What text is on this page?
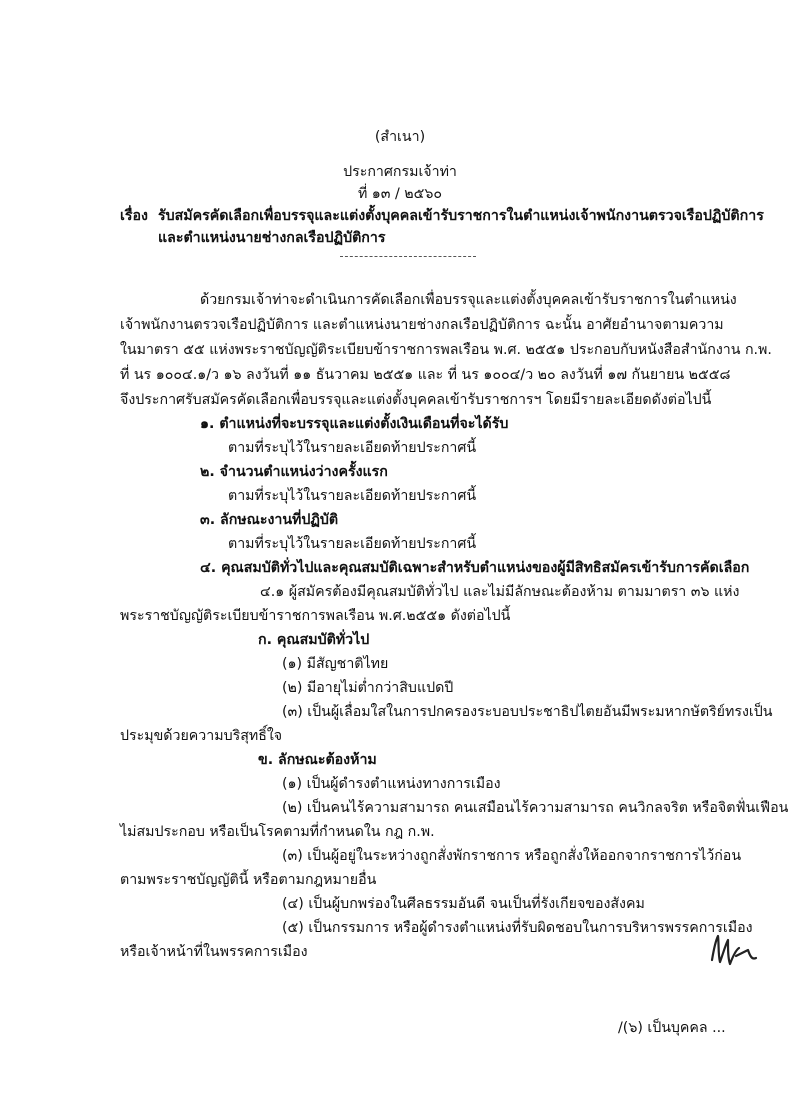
(สำเนา)
ประกาศกรมเจ้าท่า
ที่ ๑๓ / ๒๕๖๐
เรื่อง รับสมัครคัดเลือกเพื่อบรรจุและแต่งตั้งบุคคลเข้ารับราชการในตำแหน่งเจ้าพนักงานตรวจเรือปฏิบัติการ
และตำแหน่งนายช่างกลเรือปฏิบัติการ
ด้วยกรมเจ้าท่าจะดำเนินการคัดเลือกเพื่อบรรจุและแต่งตั้งบุคคลเข้ารับราชการในตำแหน่ง
เจ้าพนักงานตรวจเรือปฏิบัติการ และตำแหน่งนายช่างกลเรือปฏิบัติการ ฉะนั้น อาศัยอำนาจตามความ
ในมาตรา ๕๕ แห่งพระราชบัญญัติระเบียบข้าราชการพลเรือน พ.ศ. ๒๕๕๑ ประกอบกับหนังสือสำนักงาน ก.พ.
ที่ นร ๑๐๐๔.๑/ว ๑๖ ลงวันที่ ๑๑ ธันวาคม ๒๕๕๑ และ ที่ นร ๑๐๐๔/ว ๒๐ ลงวันที่ ๑๗ กันยายน ๒๕๕๘
จึงประกาศรับสมัครคัดเลือกเพื่อบรรจุและแต่งตั้งบุคคลเข้ารับราชการฯ โดยมีรายละเอียดดังต่อไปนี้
๑. ตำแหน่งที่จะบรรจุและแต่งตั้งเงินเดือนที่จะได้รับ
ตามที่ระบุไว้ในรายละเอียดท้ายประกาศนี้
๒. จำนวนตำแหน่งว่างครั้งแรก
ตามที่ระบุไว้ในรายละเอียดท้ายประกาศนี้
๓. ลักษณะงานที่ปฏิบัติ
ตามที่ระบุไว้ในรายละเอียดท้ายประกาศนี้
๔. คุณสมบัติทั่วไปและคุณสมบัติเฉพาะสำหรับตำแหน่งของผู้มีสิทธิสมัครเข้ารับการคัดเลือก
๔.๑ ผู้สมัครต้องมีคุณสมบัติทั่วไป และไม่มีลักษณะต้องห้าม ตามมาตรา ๓๖ แห่ง
พระราชบัญญัติระเบียบข้าราชการพลเรือน พ.ศ.๒๕๕๑ ดังต่อไปนี้
ก. คุณสมบัติทั่วไป
(๑) มีสัญชาติไทย
(๒) มีอายุไม่ต่ำกว่าสิบแปดปี
(๓) เป็นผู้เลื่อมใสในการปกครองระบอบประชาธิปไตยอันมีพระมหากษัตริย์ทรงเป็น
ประมุขด้วยความบริสุทธิ์ใจ
ข. ลักษณะต้องห้าม
(๑) เป็นผู้ดำรงตำแหน่งทางการเมือง
(๒) เป็นคนไร้ความสามารถ คนเสมือนไร้ความสามารถ คนวิกลจริต หรือจิตฟั่นเฟือน
ไม่สมประกอบ หรือเป็นโรคตามที่กำหนดใน กฎ ก.พ.
(๓) เป็นผู้อยู่ในระหว่างถูกสั่งพักราชการ หรือถูกสั่งให้ออกจากราชการไว้ก่อน
ตามพระราชบัญญัตินี้ หรือตามกฎหมายอื่น
(๔) เป็นผู้บกพร่องในศีลธรรมอันดี จนเป็นที่รังเกียจของสังคม
(๕) เป็นกรรมการ หรือผู้ดำรงตำแหน่งที่รับผิดชอบในการบริหารพรรคการเมือง
หรือเจ้าหน้าที่ในพรรคการเมือง
/(๖) เป็นบุคคล ...
